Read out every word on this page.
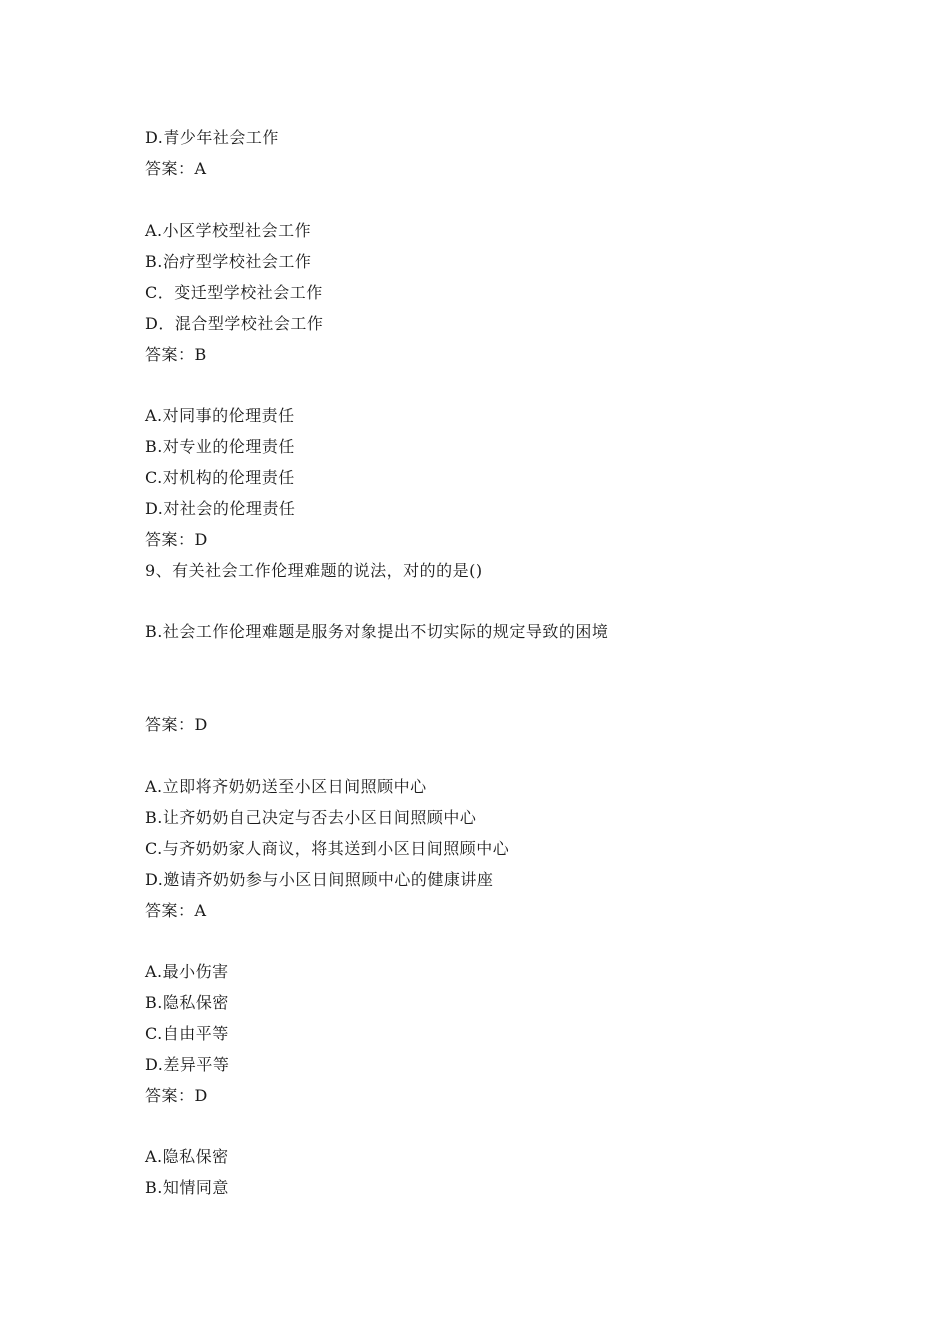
D.青少年社会工作
答案：A
A.小区学校型社会工作
B.治疗型学校社会工作
C．变迁型学校社会工作
D．混合型学校社会工作
答案：B
A.对同事的伦理责任
B.对专业的伦理责任
C.对机构的伦理责任
D.对社会的伦理责任
答案：D
9、有关社会工作伦理难题的说法，对的的是()
B.社会工作伦理难题是服务对象提出不切实际的规定导致的困境
答案：D
A.立即将齐奶奶送至小区日间照顾中心
B.让齐奶奶自己决定与否去小区日间照顾中心
C.与齐奶奶家人商议，将其送到小区日间照顾中心
D.邀请齐奶奶参与小区日间照顾中心的健康讲座
答案：A
A.最小伤害
B.隐私保密
C.自由平等
D.差异平等
答案：D
A.隐私保密
B.知情同意
